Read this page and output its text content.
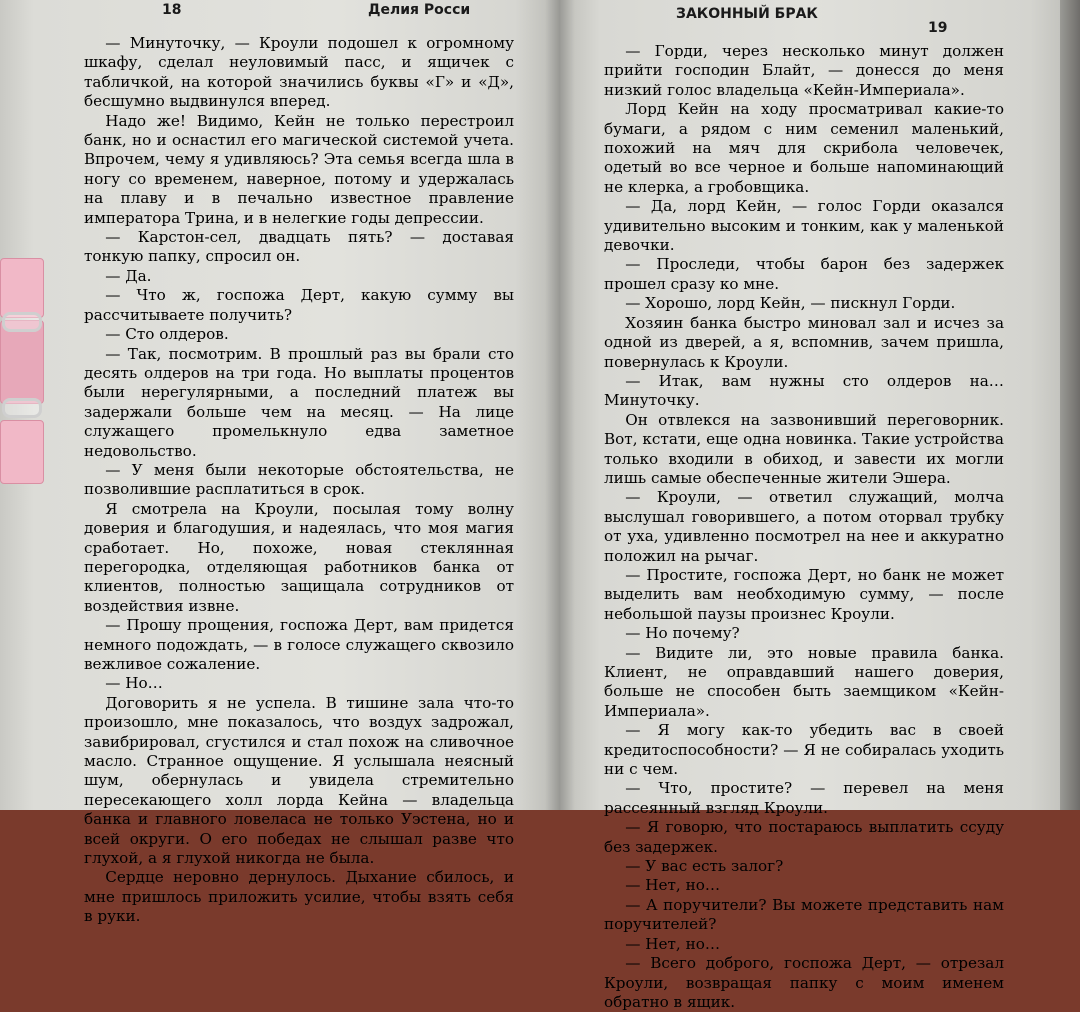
18	Делия Росси	ЗАКОННЫЙ БРАК
19

— Минуточку, — Кроули подошел к огромному шкафу, сделал неуловимый пасс, и ящичек с табличкой, на которой значились буквы «Г» и «Д», бесшумно выдвинулся вперед.

Надо же! Видимо, Кейн не только перестроил банк, но и оснастил его магической системой учета. Впрочем, чему я удивляюсь? Эта семья всегда шла в ногу со временем, наверное, потому и удержалась на плаву и в печально известное правление императора Трина, и в нелегкие годы депрессии.

— Карстон-сел, двадцать пять? — доставая тонкую папку, спросил он.

— Да.

— Что ж, госпожа Дерт, какую сумму вы рассчитываете получить?

— Сто олдеров.

— Так, посмотрим. В прошлый раз вы брали сто десять олдеров на три года. Но выплаты процентов были нерегулярными, а последний платеж вы задержали больше чем на месяц. — На лице служащего промелькнуло едва заметное недовольство.

— У меня были некоторые обстоятельства, не позволившие расплатиться в срок.

Я смотрела на Кроули, посылая тому волну доверия и благодушия, и надеялась, что моя магия сработает. Но, похоже, новая стеклянная перегородка, отделяющая работников банка от клиентов, полностью защищала сотрудников от воздействия извне.

— Прошу прощения, госпожа Дерт, вам придется немного подождать, — в голосе служащего сквозило вежливое сожаление.

— Но…

Договорить я не успела. В тишине зала что-то произошло, мне показалось, что воздух задрожал, завибрировал, сгустился и стал похож на сливочное масло. Странное ощущение. Я услышала неясный шум, обернулась и увидела стремительно пересекающего холл лорда Кейна — владельца банка и главного ловеласа не только Уэстена, но и всей округи. О его победах не слышал разве что глухой, а я глухой никогда не была.

Сердце неровно дернулось. Дыхание сбилось, и мне пришлось приложить усилие, чтобы взять себя в руки.

— Горди, через несколько минут должен прийти господин Блайт, — донесся до меня низкий голос владельца «Кейн-Империала».

Лорд Кейн на ходу просматривал какие-то бумаги, а рядом с ним семенил маленький, похожий на мяч для скрибола человечек, одетый во все черное и больше напоминающий не клерка, а гробовщика.

— Да, лорд Кейн, — голос Горди оказался удивительно высоким и тонким, как у маленькой девочки.

— Проследи, чтобы барон без задержек прошел сразу ко мне.

— Хорошо, лорд Кейн, — пискнул Горди.

Хозяин банка быстро миновал зал и исчез за одной из дверей, а я, вспомнив, зачем пришла, повернулась к Кроули.

— Итак, вам нужны сто олдеров на… Минуточку.

Он отвлекся на зазвонивший переговорник. Вот, кстати, еще одна новинка. Такие устройства только входили в обиход, и завести их могли лишь самые обеспеченные жители Эшера.

— Кроули, — ответил служащий, молча выслушал говорившего, а потом оторвал трубку от уха, удивленно посмотрел на нее и аккуратно положил на рычаг.

— Простите, госпожа Дерт, но банк не может выделить вам необходимую сумму, — после небольшой паузы произнес Кроули.

— Но почему?

— Видите ли, это новые правила банка. Клиент, не оправдавший нашего доверия, больше не способен быть заемщиком «Кейн-Империала».

— Я могу как-то убедить вас в своей кредитоспособности? — Я не собиралась уходить ни с чем.

— Что, простите? — перевел на меня рассеянный взгляд Кроули.

— Я говорю, что постараюсь выплатить ссуду без задержек.

— У вас есть залог?

— Нет, но…

— А поручители? Вы можете представить нам поручителей?

— Нет, но…

— Всего доброго, госпожа Дерт, — отрезал Кроули, возвращая папку с моим именем обратно в ящик.
